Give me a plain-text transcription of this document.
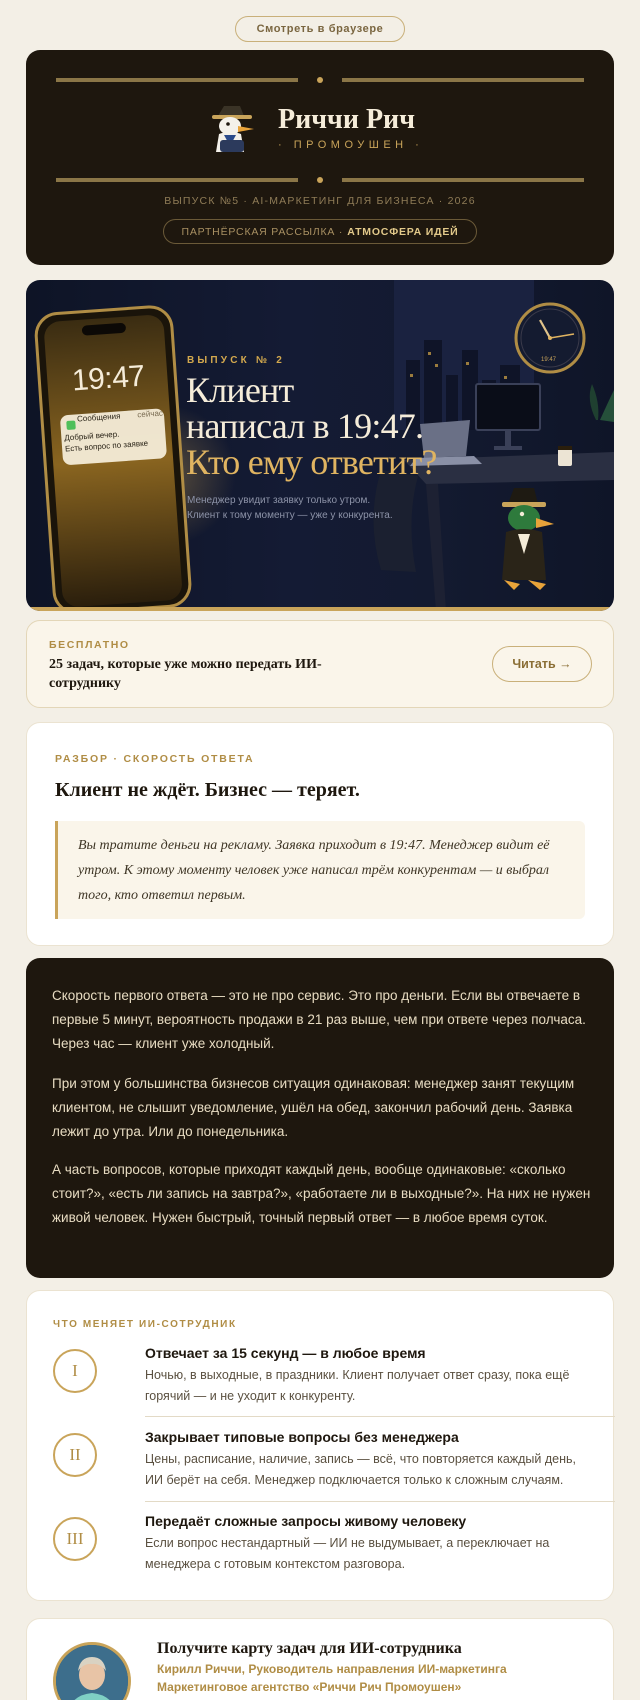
Смотреть в браузере
Риччи Рич
· ПРОМОУШЕН ·
ВЫПУСК №5 · AI-МАРКЕТИНГ ДЛЯ БИЗНЕСА · 2026
ПАРТНЁРСКАЯ РАССЫЛКА · АТМОСФЕРА ИДЕЙ
19:47
Сообщения сейчас
Добрый вечер.
Есть вопрос по заявке
19:47
ВЫПУСК № 2
Клиент
написал в 19:47.
Кто ему ответит?
Менеджер увидит заявку только утром.
Клиент к тому моменту — уже у конкурента.
БЕСПЛАТНО
25 задач, которые уже можно передать ИИ-сотруднику
Читать →
РАЗБОР · СКОРОСТЬ ОТВЕТА
Клиент не ждёт. Бизнес — теряет.

Вы тратите деньги на рекламу. Заявка приходит в 19:47. Менеджер видит её утром. К этому моменту человек уже написал трём конкурентам — и выбрал того, кто ответил первым.

Скорость первого ответа — это не про сервис. Это про деньги. Если вы отвечаете в первые 5 минут, вероятность продажи в 21 раз выше, чем при ответе через полчаса. Через час — клиент уже холодный.

При этом у большинства бизнесов ситуация одинаковая: менеджер занят текущим клиентом, не слышит уведомление, ушёл на обед, закончил рабочий день. Заявка лежит до утра. Или до понедельника.

А часть вопросов, которые приходят каждый день, вообще одинаковые: «сколько стоит?», «есть ли запись на завтра?», «работаете ли в выходные?». На них не нужен живой человек. Нужен быстрый, точный первый ответ — в любое время суток.

ЧТО МЕНЯЕТ ИИ-СОТРУДНИК
I
Отвечает за 15 секунд — в любое время
Ночью, в выходные, в праздники. Клиент получает ответ сразу, пока ещё горячий — и не уходит к конкуренту.
II
Закрывает типовые вопросы без менеджера
Цены, расписание, наличие, запись — всё, что повторяется каждый день, ИИ берёт на себя. Менеджер подключается только к сложным случаям.
III
Передаёт сложные запросы живому человеку
Если вопрос нестандартный — ИИ не выдумывает, а переключает на менеджера с готовым контекстом разговора.
Получите карту задач для ИИ-сотрудника
Кирилл Риччи, Руководитель направления ИИ-маркетинга
Маркетинговое агентство «Риччи Рич Промоушен»
